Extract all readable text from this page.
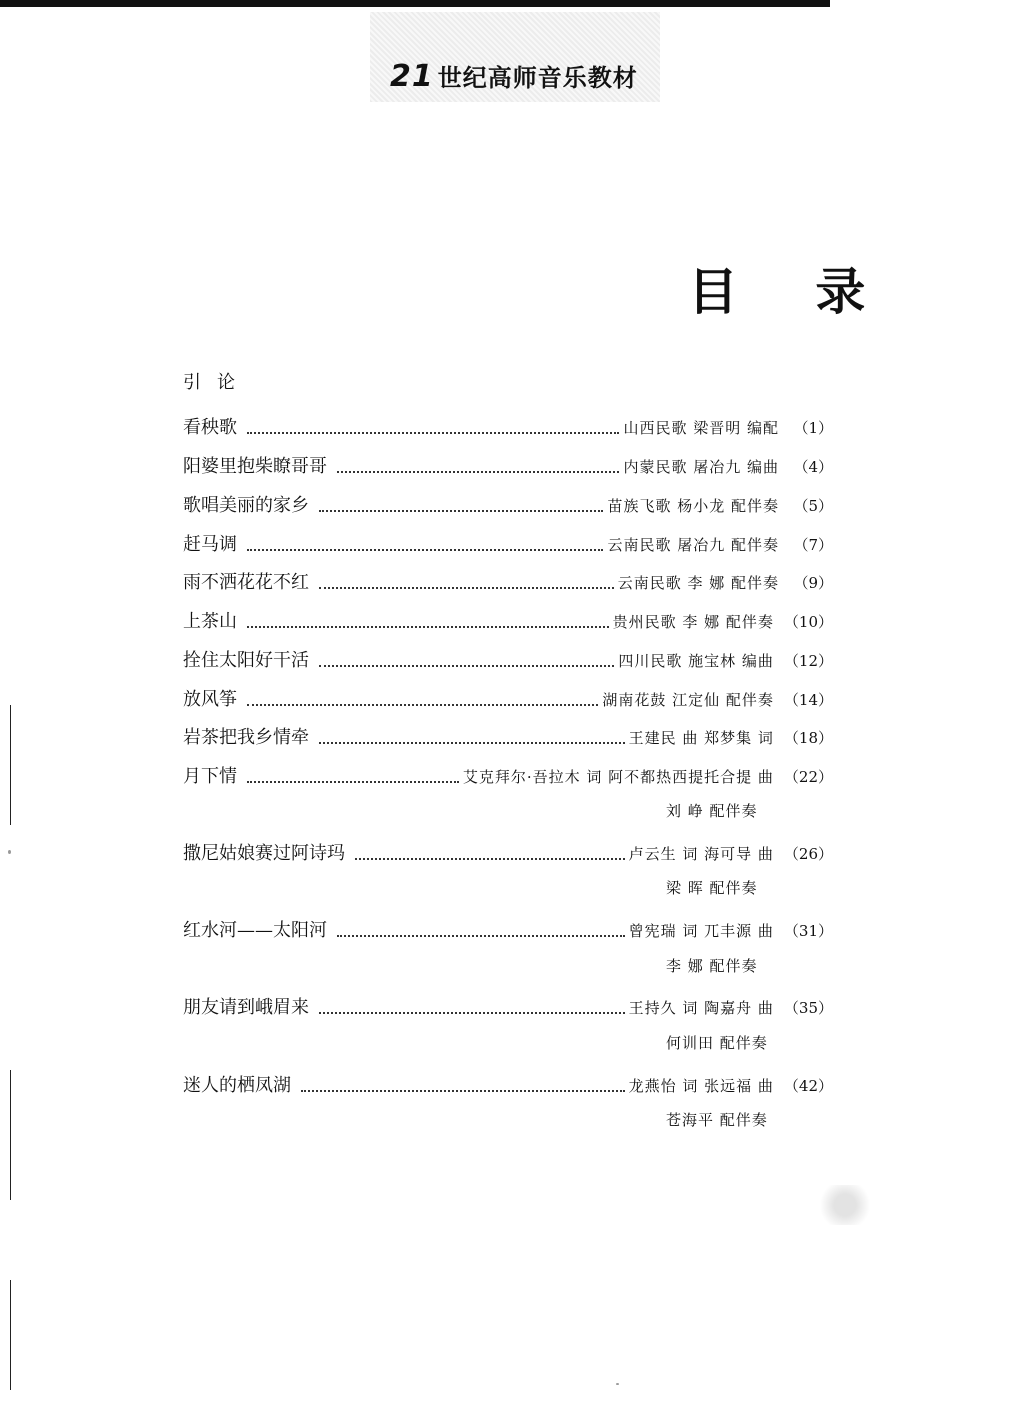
21 世纪高师音乐教材
目 录
引论
看秧歌	山西民歌 梁晋明 编配 （1）
阳婆里抱柴瞭哥哥	内蒙民歌 屠冶九 编曲 （4）
歌唱美丽的家乡	苗族飞歌 杨小龙 配伴奏 （5）
赶马调	云南民歌 屠冶九 配伴奏 （7）
雨不洒花花不红	云南民歌 李 娜 配伴奏 （9）
上茶山	贵州民歌 李 娜 配伴奏 （10）
拴住太阳好干活	四川民歌 施宝林 编曲 （12）
放风筝	湖南花鼓 江定仙 配伴奏 （14）
岩茶把我乡情牵	王建民 曲 郑梦集 词 （18）
月下情	艾克拜尔·吾拉木 词 阿不都热西提托合提 曲 （22）
刘 峥 配伴奏
撒尼姑娘赛过阿诗玛	卢云生 词 海可导 曲 （26）
梁 晖 配伴奏
红水河——太阳河	曾宪瑞 词 兀丰源 曲 （31）
李 娜 配伴奏
朋友请到峨眉来	王持久 词 陶嘉舟 曲 （35）
何训田 配伴奏
迷人的栖凤湖	龙燕怡 词 张远福 曲 （42）
苍海平 配伴奏
